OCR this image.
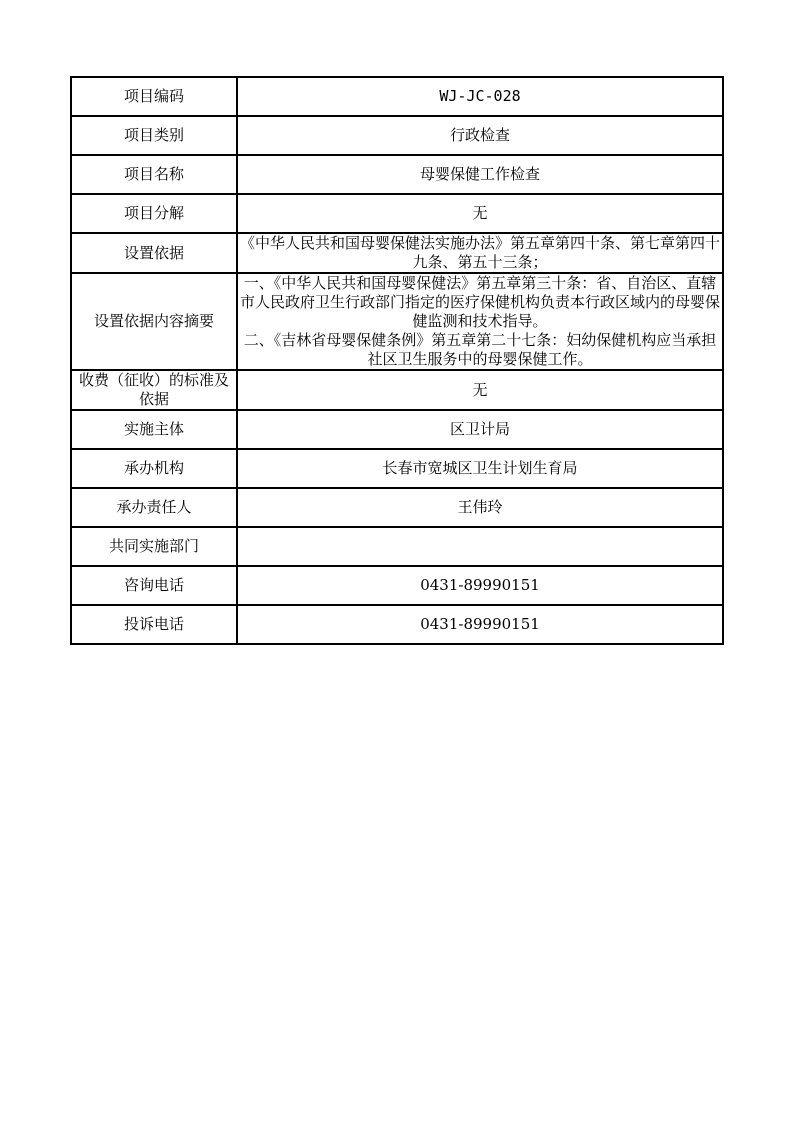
项目编码	WJ-JC-028
项目类别	行政检查
项目名称	母婴保健工作检查
项目分解	无
设置依据	《中华人民共和国母婴保健法实施办法》第五章第四十条、第七章第四十九条、第五十三条；
设置依据内容摘要	一、《中华人民共和国母婴保健法》第五章第三十条：省、自治区、直辖市人民政府卫生行政部门指定的医疗保健机构负责本行政区域内的母婴保健监测和技术指导。
二、《吉林省母婴保健条例》第五章第二十七条：妇幼保健机构应当承担社区卫生服务中的母婴保健工作。

收费（征收）的标准及依据	无
实施主体	区卫计局
承办机构	长春市宽城区卫生计划生育局
承办责任人	王伟玲
共同实施部门	
咨询电话	0431-89990151
投诉电话	0431-89990151
